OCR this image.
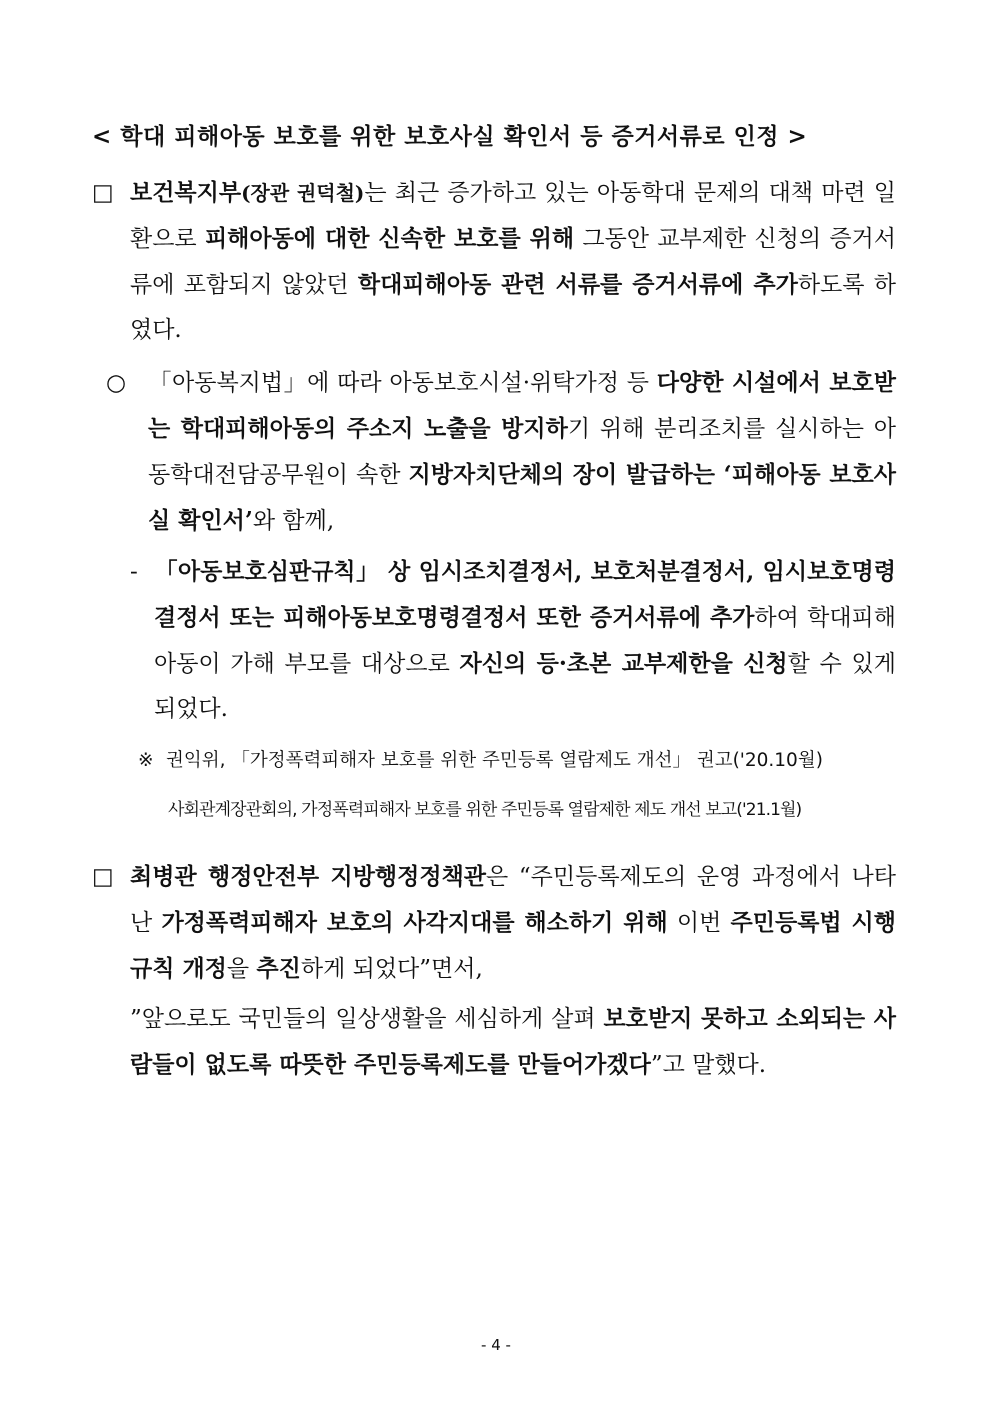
< 학대 피해아동 보호를 위한 보호사실 확인서 등 증거서류로 인정 >
□ 보건복지부(장관 권덕철)는 최근 증가하고 있는 아동학대 문제의 대책 마련 일환으로 피해아동에 대한 신속한 보호를 위해 그동안 교부제한 신청의 증거서류에 포함되지 않았던 학대피해아동 관련 서류를 증거서류에 추가하도록 하였다.
○ 「아동복지법」에 따라 아동보호시설·위탁가정 등 다양한 시설에서 보호받는 학대피해아동의 주소지 노출을 방지하기 위해 분리조치를 실시하는 아동학대전담공무원이 속한 지방자치단체의 장이 발급하는 ‘피해아동 보호사실 확인서’와 함께,
- 「아동보호심판규칙」 상 임시조치결정서, 보호처분결정서, 임시보호명령결정서 또는 피해아동보호명령결정서 또한 증거서류에 추가하여 학대피해아동이 가해 부모를 대상으로 자신의 등·초본 교부제한을 신청할 수 있게 되었다.
※ 권익위, 「가정폭력피해자 보호를 위한 주민등록 열람제도 개선」 권고('20.10월)
사회관계장관회의, 가정폭력피해자 보호를 위한 주민등록 열람제한 제도 개선 보고('21.1월)
□ 최병관 행정안전부 지방행정정책관은 “주민등록제도의 운영 과정에서 나타난 가정폭력피해자 보호의 사각지대를 해소하기 위해 이번 주민등록법 시행규칙 개정을 추진하게 되었다”면서,
”앞으로도 국민들의 일상생활을 세심하게 살펴 보호받지 못하고 소외되는 사람들이 없도록 따뜻한 주민등록제도를 만들어가겠다”고 말했다.
- 4 -
